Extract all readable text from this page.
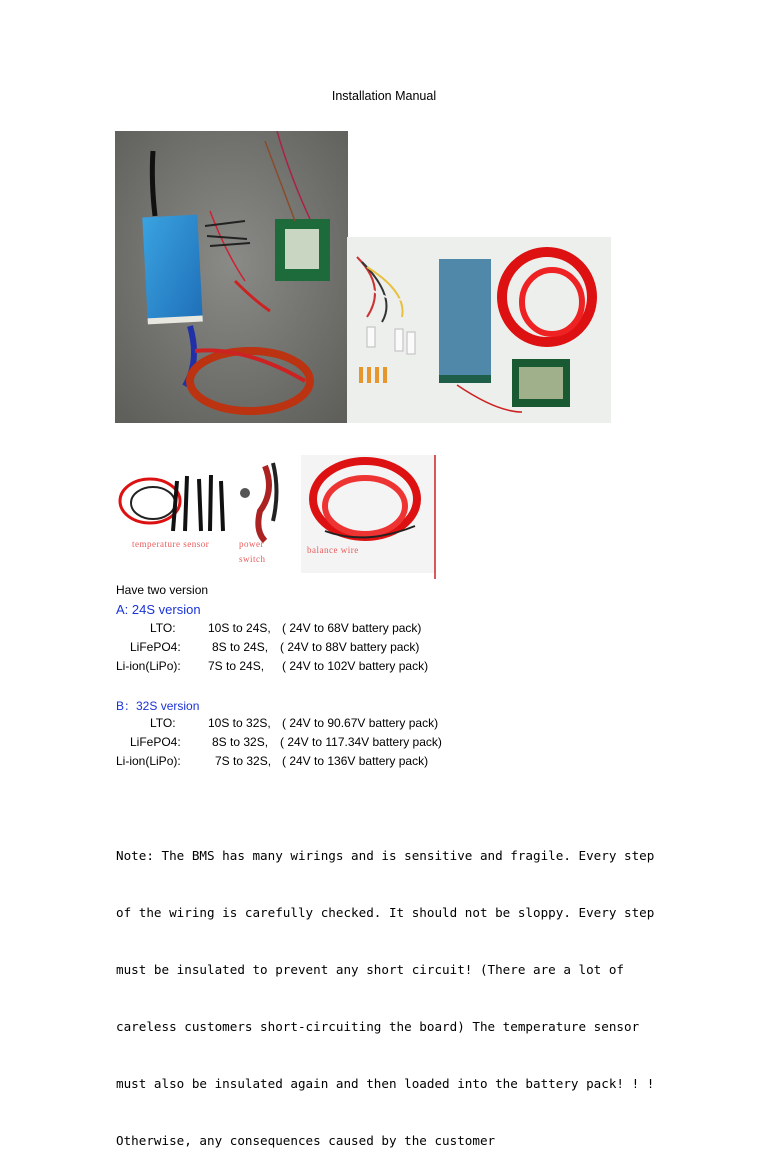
Installation Manual
temperature sensor	power
switch
balance wire
Have two version
A: 24S version
LTO:	10S to 24S, ( 24V to 68V battery pack)
LiFePO4:	8S to 24S, ( 24V to 88V battery pack)
Li-ion(LiPo): 7S to 24S, ( 24V to 102V battery pack)
B：32S version
LTO:	10S to 32S, ( 24V to 90.67V battery pack)
LiFePO4:	8S to 32S, ( 24V to 117.34V battery pack)
Li-ion(LiPo):	7S to 32S, ( 24V to 136V battery pack)

Note: The BMS has many wirings and is sensitive and fragile. Every step

of the wiring is carefully checked. It should not be sloppy. Every step

must be insulated to prevent any short circuit! (There are a lot of

careless customers short-circuiting the board) The temperature sensor

must also be insulated again and then loaded into the battery pack! ! !

Otherwise, any consequences caused by the customer
